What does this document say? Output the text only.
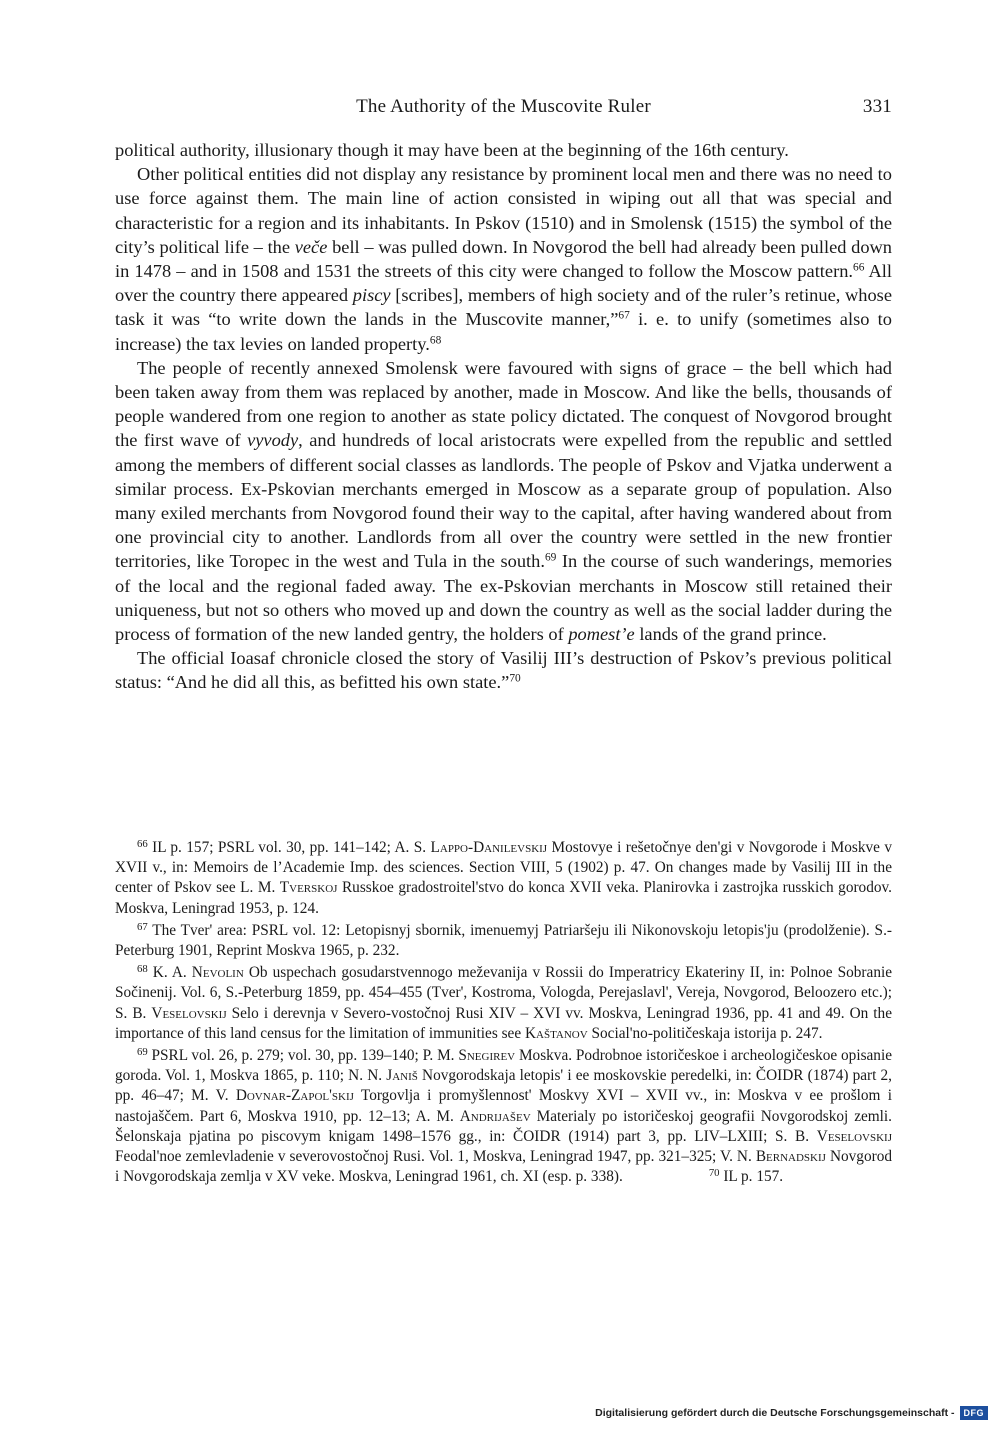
The Authority of the Muscovite Ruler	331

political authority, illusionary though it may have been at the beginning of the 16th century.

Other political entities did not display any resistance by prominent local men and there was no need to use force against them. The main line of action consisted in wiping out all that was special and characteristic for a region and its inhabitants. In Pskov (1510) and in Smolensk (1515) the symbol of the city’s political life – the veče bell – was pulled down. In Novgorod the bell had already been pulled down in 1478 – and in 1508 and 1531 the streets of this city were changed to follow the Moscow pattern.$^{66}$ All over the country there appeared piscy [scribes], members of high society and of the ruler’s retinue, whose task it was “to write down the lands in the Muscovite manner,”$^{67}$ i. e. to unify (sometimes also to increase) the tax levies on landed property.$^{68}$

The people of recently annexed Smolensk were favoured with signs of grace – the bell which had been taken away from them was replaced by another, made in Moscow. And like the bells, thousands of people wandered from one region to another as state policy dictated. The conquest of Novgorod brought the first wave of vyvody, and hundreds of local aristocrats were expelled from the republic and settled among the members of different social classes as landlords. The people of Pskov and Vjatka underwent a similar process. Ex-Pskovian merchants emerged in Moscow as a separate group of population. Also many exiled merchants from Novgorod found their way to the capital, after having wandered about from one provincial city to another. Landlords from all over the country were settled in the new frontier territories, like Toropec in the west and Tula in the south.$^{69}$ In the course of such wanderings, memories of the local and the regional faded away. The ex-Pskovian merchants in Moscow still retained their uniqueness, but not so others who moved up and down the country as well as the social ladder during the process of formation of the new landed gentry, the holders of pomest’e lands of the grand prince.

The official Ioasaf chronicle closed the story of Vasilij III’s destruction of Pskov’s previous political status: “And he did all this, as befitted his own state.”$^{70}$

$^{66}$ IL p. 157; PSRL vol. 30, pp. 141–142; A. S. Lappo-Danilevskij Mostovye i rešetočnye den'gi v Novgorode i Moskve v XVII v., in: Memoirs de l’Academie Imp. des sciences. Section VIII, 5 (1902) p. 47. On changes made by Vasilij III in the center of Pskov see L. M. Tverskoj Russkoe gradostroitel'stvo do konca XVII veka. Planirovka i zastrojka russkich gorodov. Moskva, Leningrad 1953, p. 124.

$^{67}$ The Tver' area: PSRL vol. 12: Letopisnyj sbornik, imenuemyj Patriaršeju ili Nikonovskoju letopis'ju (prodolženie). S.-Peterburg 1901, Reprint Moskva 1965, p. 232.

$^{68}$ K. A. Nevolin Ob uspechach gosudarstvennogo meževanija v Rossii do Imperatricy Ekateriny II, in: Polnoe Sobranie Sočinenij. Vol. 6, S.-Peterburg 1859, pp. 454–455 (Tver', Kostroma, Vologda, Perejaslavl', Vereja, Novgorod, Beloozero etc.); S. B. Veselovskij Selo i derevnja v Severo-vostočnoj Rusi XIV – XVI vv. Moskva, Leningrad 1936, pp. 41 and 49. On the importance of this land census for the limitation of immunities see Kaštanov Social'no-političeskaja istorija p. 247.

$^{69}$ PSRL vol. 26, p. 279; vol. 30, pp. 139–140; P. M. Snegirev Moskva. Podrobnoe istoričeskoe i archeologičeskoe opisanie goroda. Vol. 1, Moskva 1865, p. 110; N. N. Janiš Novgorodskaja letopis' i ee moskovskie peredelki, in: ČOIDR (1874) part 2, pp. 46–47; M. V. Dovnar-Zapol'skij Torgovlja i promyšlennost' Moskvy XVI – XVII vv., in: Moskva v ee prošlom i nastojaščem. Part 6, Moskva 1910, pp. 12–13; A. M. Andrijašev Materialy po istoričeskoj geografii Novgorodskoj zemli. Šelonskaja pjatina po piscovym knigam 1498–1576 gg., in: ČOIDR (1914) part 3, pp. LIV–LXIII; S. B. Veselovskij Feodal'noe zemlevladenie v severovostočnoj Rusi. Vol. 1, Moskva, Leningrad 1947, pp. 321–325; V. N. Bernadskij Novgorod i Novgorodskaja zemlja v XV veke. Moskva, Leningrad 1961, ch. XI (esp. p. 338).	$^{70}$ IL p. 157.

Digitalisierung gefördert durch die Deutsche Forschungsgemeinschaft -	DFG
